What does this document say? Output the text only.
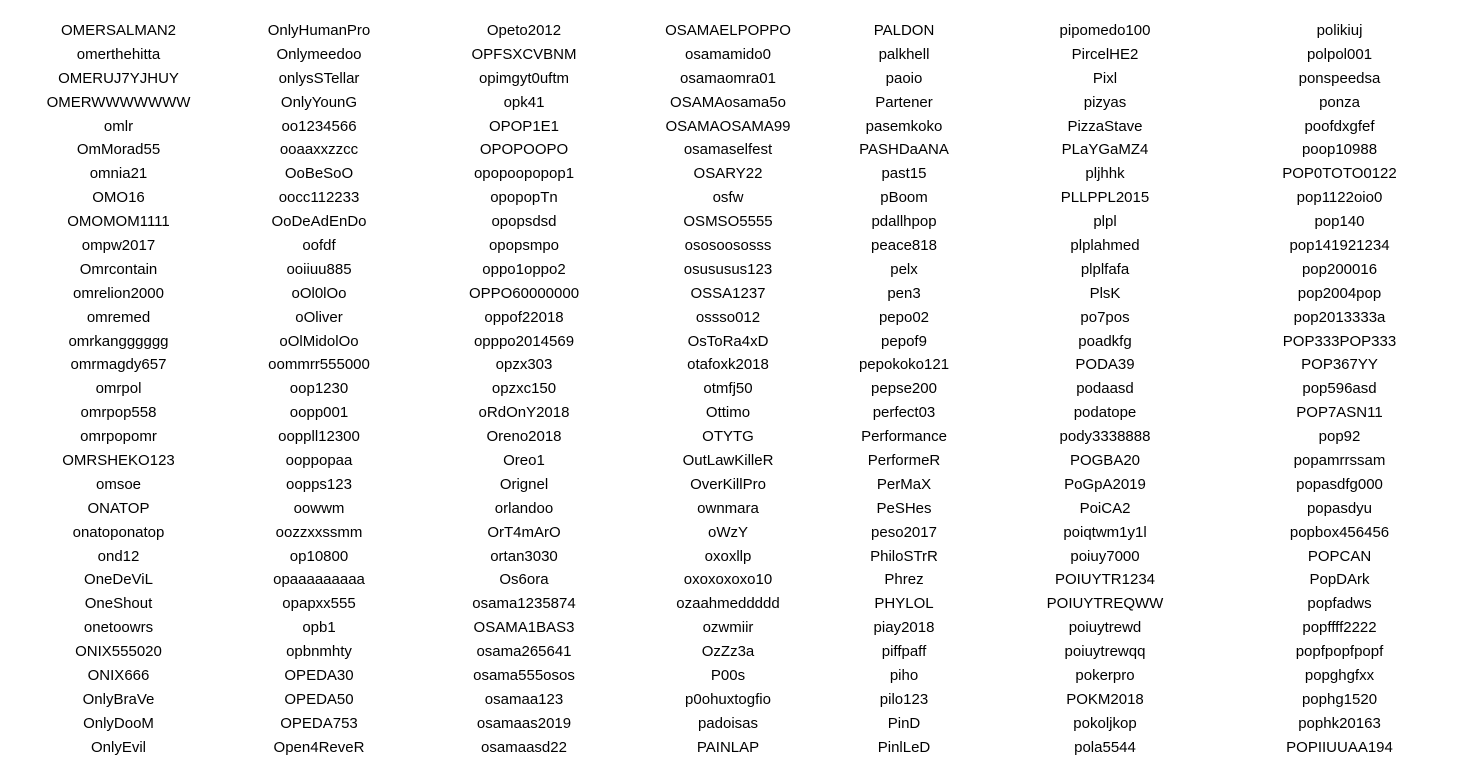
OMERSALMAN2
omerthehitta
OMERUJ7YJHUY
OMERWWWWWWW
omlr
OmMorad55
omnia21
OMO16
OMOMOM1111
ompw2017
Omrcontain
omrelion2000
omremed
omrkangggggg
omrmagdy657
omrpol
omrpop558
omrpopomr
OMRSHEKO123
omsoe
ONATOP
onatoponatop
ond12
OneDeViL
OneShout
onetoowrs
ONIX555020
ONIX666
OnlyBraVe
OnlyDooM
OnlyEvil
OnlyHumanPro
Onlymeedoo
onlysSTellar
OnlyYounG
oo1234566
ooaaxxzzcc
OoBeSoO
oocc112233
OoDeAdEnDo
oofdf
ooiiuu885
oOl0lOo
oOliver
oOlMidolOo
oommrr555000
oop1230
oopp001
ooppll12300
ooppopaa
oopps123
oowwm
oozzxxssmm
op10800
opaaaaaaaaa
opapxx555
opb1
opbnmhty
OPEDA30
OPEDA50
OPEDA753
Open4ReveR
Opeto2012
OPFSXCVBNM
opimgyt0uftm
opk41
OPOP1E1
OPOPOOPO
opopoopopop1
opopopTn
opopsdsd
opopsmpo
oppo1oppo2
OPPO60000000
oppof22018
opppo2014569
opzx303
opzxc150
oRdOnY2018
Oreno2018
Oreo1
Orignel
orlandoo
OrT4mArO
ortan3030
Os6ora
osama1235874
OSAMA1BAS3
osama265641
osama555osos
osamaa123
osamaas2019
osamaasd22
OSAMAELPOPPO
osamamido0
osamaomra01
OSAMAosama5o
OSAMAOSAMA99
osamaselfest
OSARY22
osfw
OSMSO5555
ososoososss
osususus123
OSSA1237
ossso012
OsToRa4xD
otafoxk2018
otmfj50
Ottimo
OTYTG
OutLawKilleR
OverKillPro
ownmara
oWzY
oxoxllp
oxoxoxoxo10
ozaahmeddddd
ozwmiir
OzZz3a
P00s
p0ohuxtogfio
padoisas
PAINLAP
PALDON
palkhell
paoio
Partener
pasemkoko
PASHDaANA
past15
pBoom
pdallhpop
peace818
pelx
pen3
pepo02
pepof9
pepokoko121
pepse200
perfect03
Performance
PerformeR
PerMaX
PeSHes
peso2017
PhiloSTrR
Phrez
PHYLOL
piay2018
piffpaff
piho
pilo123
PinD
PinlLeD
pipomedo100
PircelHE2
Pixl
pizyas
PizzaStave
PLaYGaMZ4
pljhhk
PLLPPL2015
plpl
plplahmed
plplfafa
PlsK
po7pos
poadkfg
PODA39
podaasd
podatope
pody3338888
POGBA20
PoGpA2019
PoiCA2
poiqtwm1y1l
poiuy7000
POIUYTR1234
POIUYTREQWW
poiuytrewd
poiuytrewqq
pokerpro
POKM2018
pokoljkop
pola5544
polikiuj
polpol001
ponspeedsa
ponza
poofdxgfef
poop10988
POP0TOTO0122
pop1122oio0
pop140
pop141921234
pop200016
pop2004pop
pop2013333a
POP333POP333
POP367YY
pop596asd
POP7ASN11
pop92
popamrrssam
popasdfg000
popasdyu
popbox456456
POPCAN
PopDArk
popfadws
popffff2222
popfpopfpopf
popghgfxx
pophg1520
pophk20163
POPIIUUAA194
